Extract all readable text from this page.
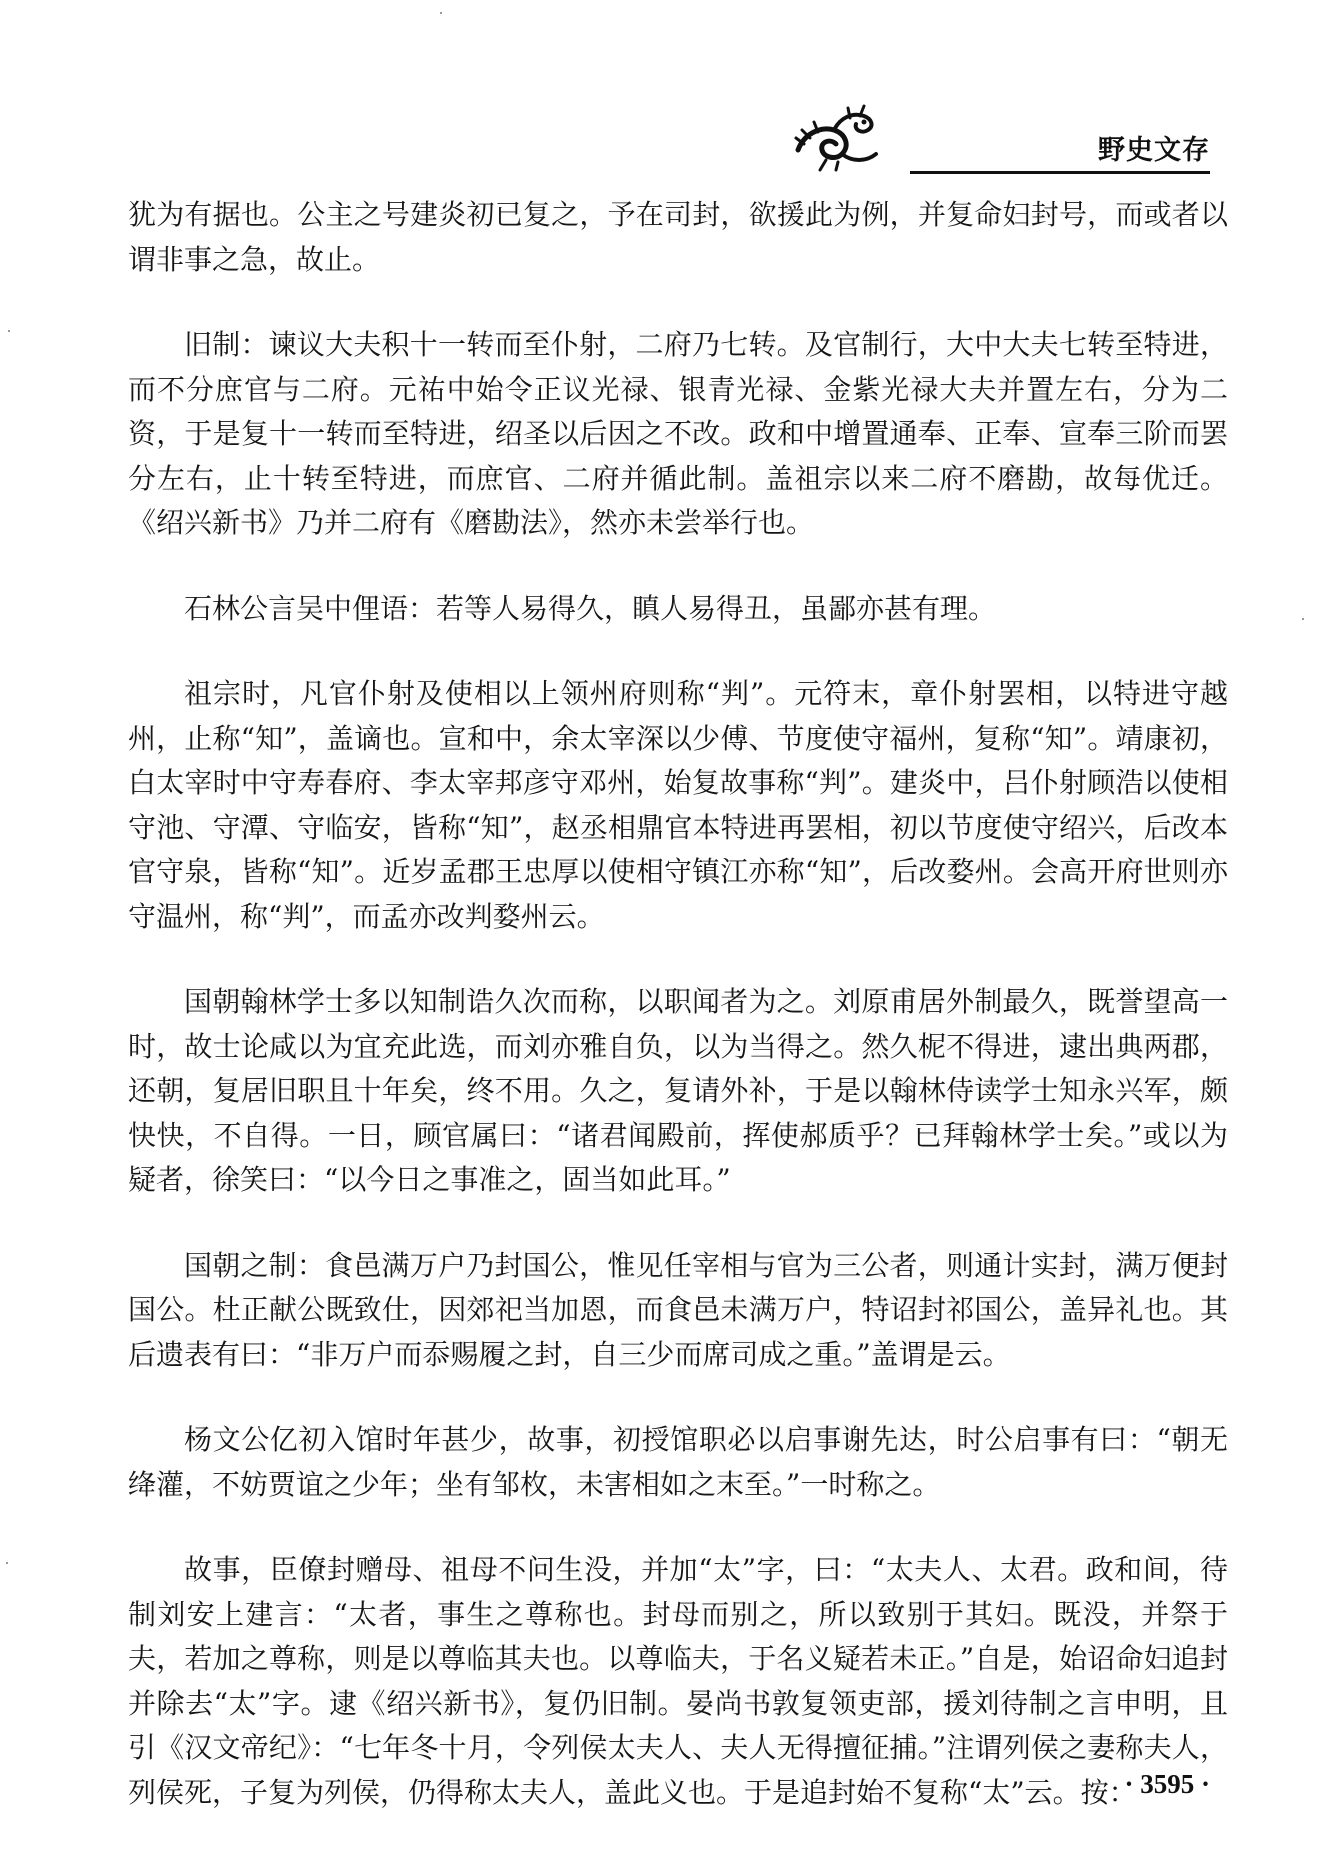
野史文存

犹为有据也。公主之号建炎初已复之，予在司封，欲援此为例，并复命妇封号，而或者以谓非事之急，故止。

旧制：谏议大夫积十一转而至仆射，二府乃七转。及官制行，大中大夫七转至特进，而不分庶官与二府。元祐中始令正议光禄、银青光禄、金紫光禄大夫并置左右，分为二资，于是复十一转而至特进，绍圣以后因之不改。政和中增置通奉、正奉、宣奉三阶而罢分左右，止十转至特进，而庶官、二府并循此制。盖祖宗以来二府不磨勘，故每优迁。《绍兴新书》乃并二府有《磨勘法》，然亦未尝举行也。

石林公言吴中俚语：若等人易得久，瞋人易得丑，虽鄙亦甚有理。

祖宗时，凡官仆射及使相以上领州府则称“判”。元符末，章仆射罢相，以特进守越州，止称“知”，盖谪也。宣和中，余太宰深以少傅、节度使守福州，复称“知”。靖康初，白太宰时中守寿春府、李太宰邦彦守邓州，始复故事称“判”。建炎中，吕仆射顾浩以使相守池、守潭、守临安，皆称“知”，赵丞相鼎官本特进再罢相，初以节度使守绍兴，后改本官守泉，皆称“知”。近岁孟郡王忠厚以使相守镇江亦称“知”，后改婺州。会高开府世则亦守温州，称“判”，而孟亦改判婺州云。

国朝翰林学士多以知制诰久次而称，以职闻者为之。刘原甫居外制最久，既誉望高一时，故士论咸以为宜充此选，而刘亦雅自负，以为当得之。然久柅不得进，逮出典两郡，还朝，复居旧职且十年矣，终不用。久之，复请外补，于是以翰林侍读学士知永兴军，颇快快，不自得。一日，顾官属曰：“诸君闻殿前，挥使郝质乎？已拜翰林学士矣。”或以为疑者，徐笑曰：“以今日之事准之，固当如此耳。”

国朝之制：食邑满万户乃封国公，惟见任宰相与官为三公者，则通计实封，满万便封国公。杜正献公既致仕，因郊祀当加恩，而食邑未满万户，特诏封祁国公，盖异礼也。其后遗表有曰：“非万户而忝赐履之封，自三少而席司成之重。”盖谓是云。

杨文公亿初入馆时年甚少，故事，初授馆职必以启事谢先达，时公启事有曰：“朝无绛灌，不妨贾谊之少年；坐有邹枚，未害相如之末至。”一时称之。

故事，臣僚封赠母、祖母不问生没，并加“太”字，曰：“太夫人、太君。政和间，待制刘安上建言：“太者，事生之尊称也。封母而别之，所以致别于其妇。既没，并祭于夫，若加之尊称，则是以尊临其夫也。以尊临夫，于名义疑若未正。”自是，始诏命妇追封并除去“太”字。逮《绍兴新书》，复仍旧制。晏尚书敦复领吏部，援刘待制之言申明，且引《汉文帝纪》：“七年冬十月，令列侯太夫人、夫人无得擅征捕。”注谓列侯之妻称夫人，列侯死，子复为列侯，仍得称太夫人，盖此义也。于是追封始不复称“太”云。按：

· 3595 ·
